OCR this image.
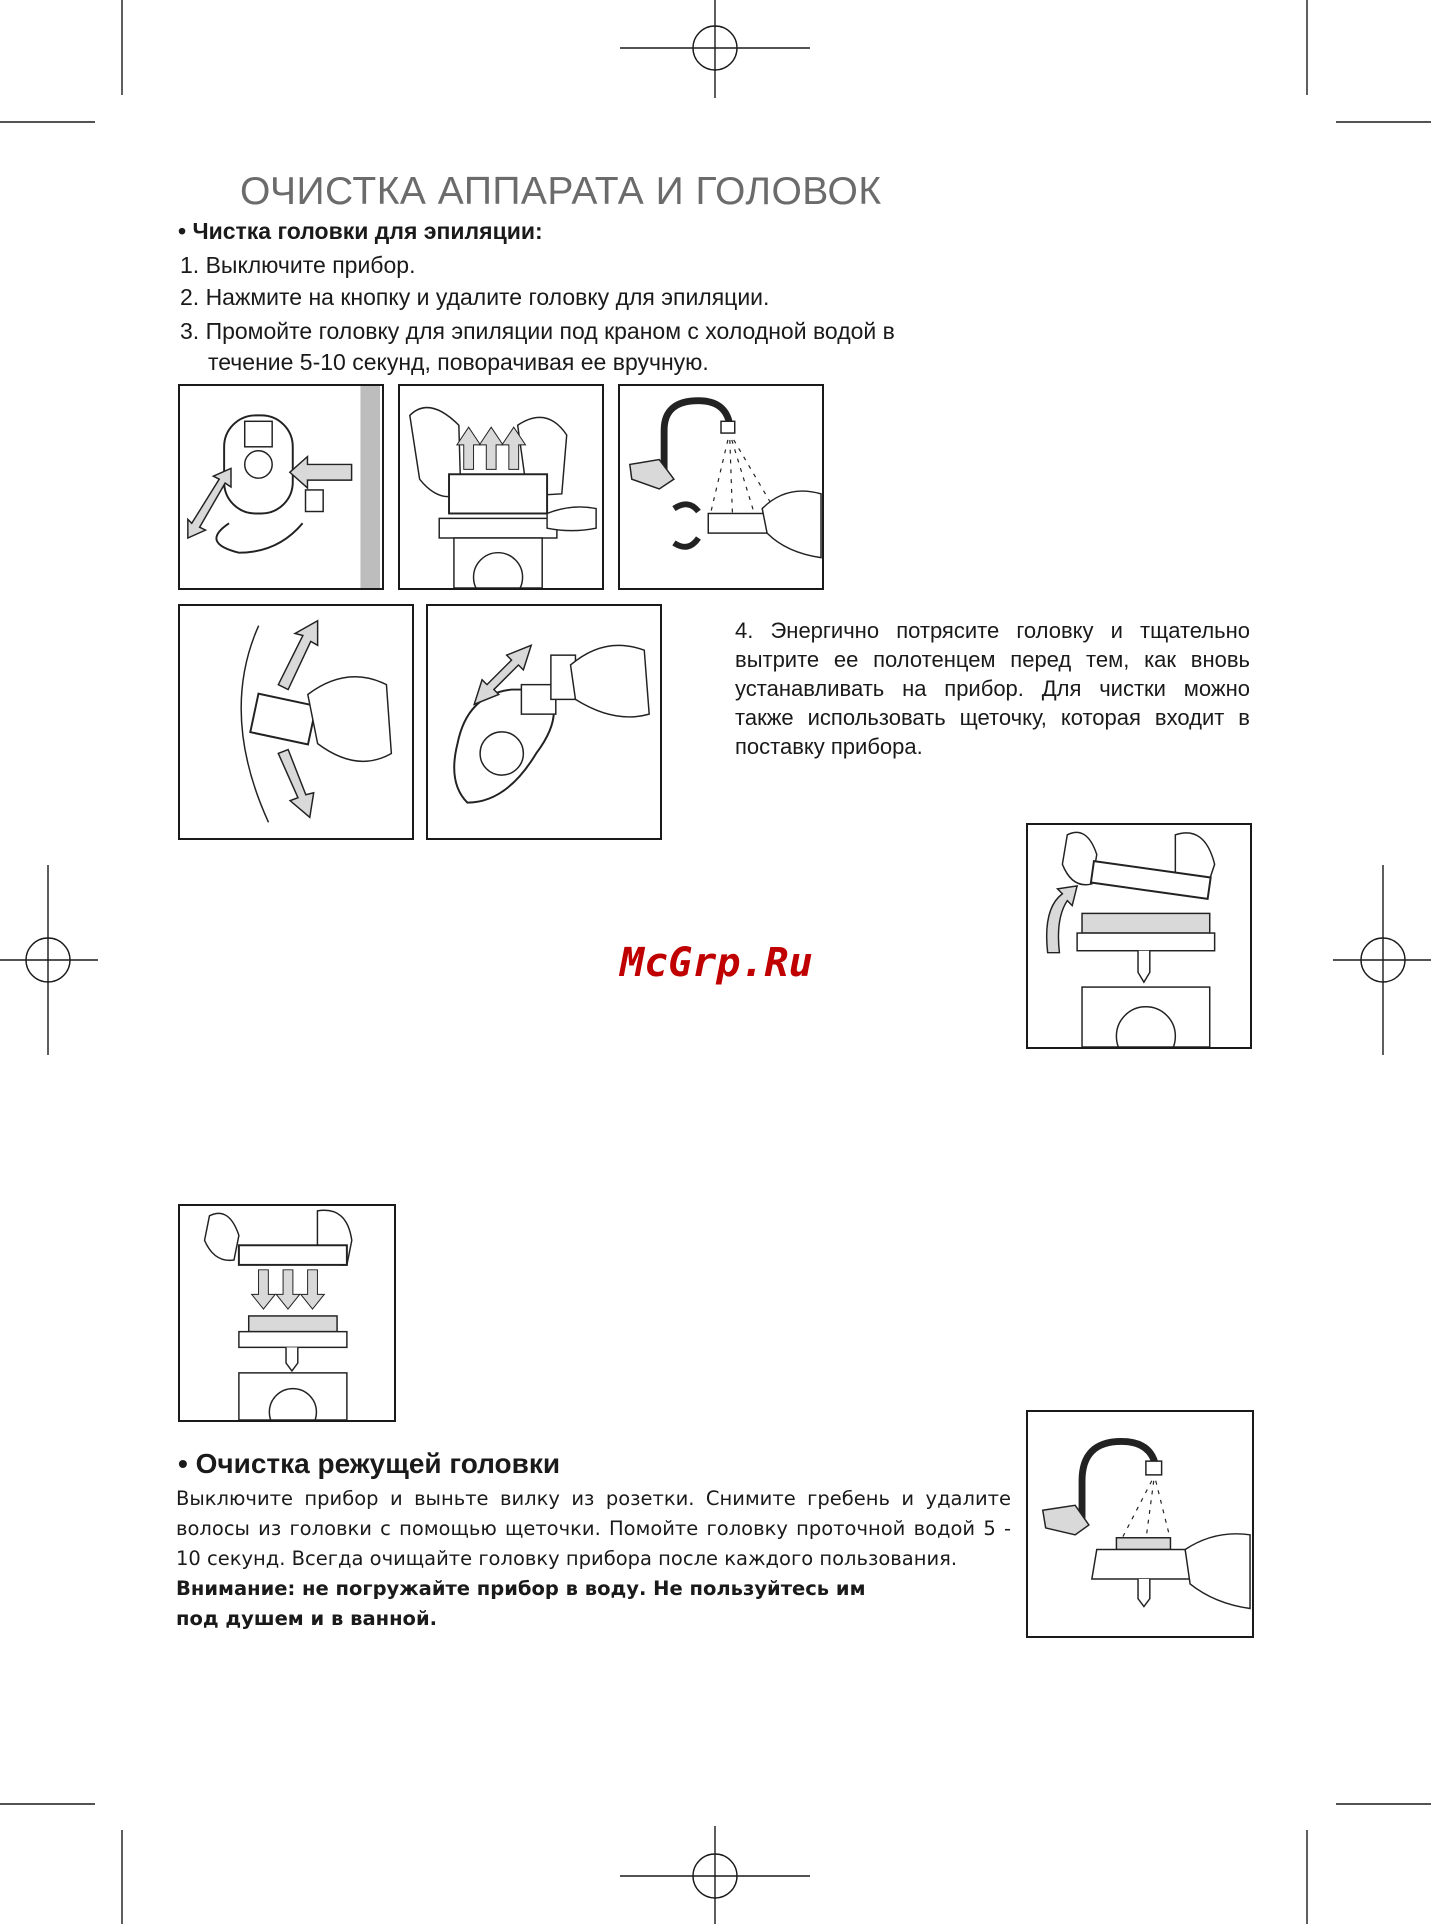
ОЧИСТКА АППАРАТА И ГОЛОВОК
• Чистка головки для эпиляции:
1. Выключите прибор.
2. Нажмите на кнопку и удалите головку для эпиляции.
3. Промойте головку для эпиляции под краном с холодной водой в
течение 5-10 секунд, поворачивая ее вручную.
4. Энергично потрясите головку и тщательно вытрите ее полотенцем перед тем, как вновь устанавливать на прибор. Для чистки можно также использовать щеточку, которая входит в поставку прибора.
McGrp.Ru
• Очистка режущей головки
Выключите прибор и выньте вилку из розетки. Снимите гребень и удалите волосы из головки с помощью щеточки. Помойте головку проточной водой 5 - 10 секунд. Всегда очищайте головку прибора после каждого пользования.
Внимание: не погружайте прибор в воду. Не пользуйтесь им под душем и в ванной.
